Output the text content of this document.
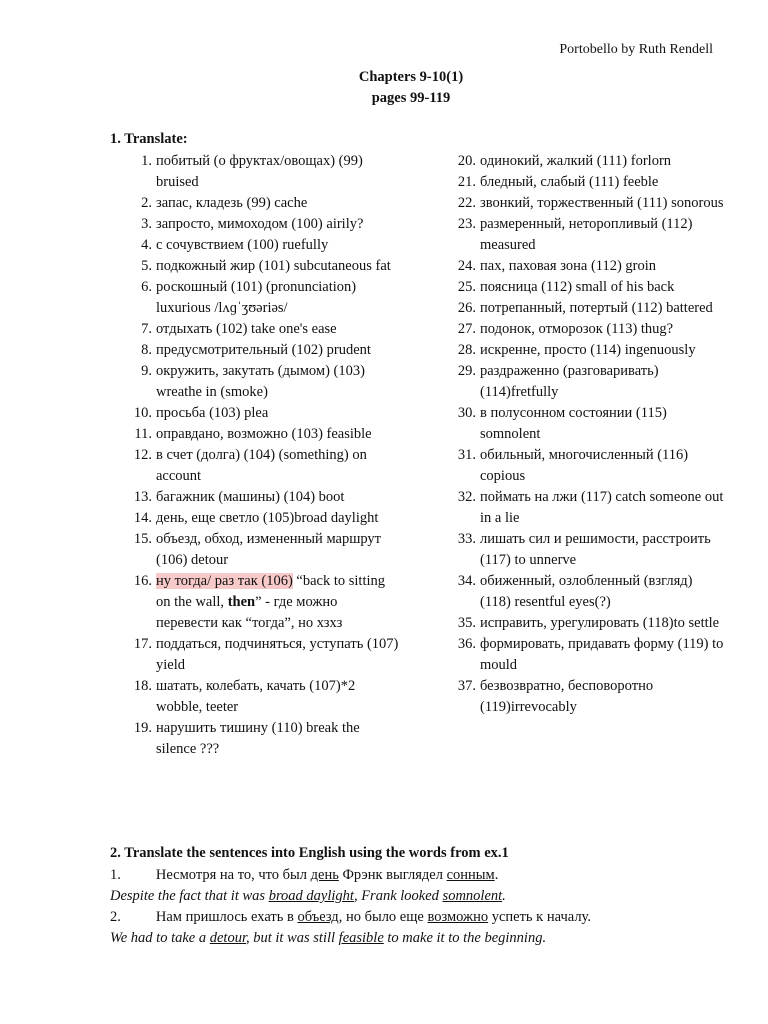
Portobello by Ruth Rendell
Chapters 9-10(1)
pages 99-119
1. Translate:
1. побитый (о фруктах/овощах) (99) bruised
2. запас, кладезь (99) cache
3. запросто, мимоходом (100) airily?
4. с сочувствием (100) ruefully
5. подкожный жир (101) subcutaneous fat
6. роскошный (101) (pronunciation) luxurious /lʌɡˈʒʊəriəs/
7. отдыхать (102) take one's ease
8. предусмотрительный (102) prudent
9. окружить, закутать (дымом) (103) wreathe in (smoke)
10. просьба (103) plea
11. оправдано, возможно (103) feasible
12. в счет (долга) (104) (something) on account
13. багажник (машины) (104) boot
14. день, еще светло (105)broad daylight
15. объезд, обход, измененный маршрут (106) detour
16. ну тогда/ раз так (106) “back to sitting on the wall, then” - где можно перевести как “тогда”, но хзхз
17. поддаться, подчиняться, уступать (107) yield
18. шатать, колебать, качать (107)*2 wobble, teeter
19. нарушить тишину (110) break the silence ???
20. одинокий, жалкий (111) forlorn
21. бледный, слабый (111) feeble
22. звонкий, торжественный (111) sonorous
23. размеренный, неторопливый (112) measured
24. пах, паховая зона (112) groin
25. поясница (112) small of his back
26. потрепанный, потертый (112) battered
27. подонок, отморозок (113) thug?
28. искренне, просто (114) ingenuously
29. раздраженно (разговаривать) (114)fretfully
30. в полусонном состоянии (115) somnolent
31. обильный, многочисленный (116) copious
32. поймать на лжи (117) catch someone out in a lie
33. лишать сил и решимости, расстроить (117) to unnerve
34. обиженный, озлобленный (взгляд) (118) resentful eyes(?)
35. исправить, урегулировать (118)to settle
36. формировать, придавать форму (119) to mould
37. безвозвратно, бесповоротно (119)irrevocably
2. Translate the sentences into English using the words from ex.1
1. Несмотря на то, что был день Фрэнк выглядел сонным.
Despite the fact that it was broad daylight, Frank looked somnolent.
2. Нам пришлось ехать в объезд, но было еще возможно успеть к началу.
We had to take a detour, but it was still feasible to make it to the beginning.
